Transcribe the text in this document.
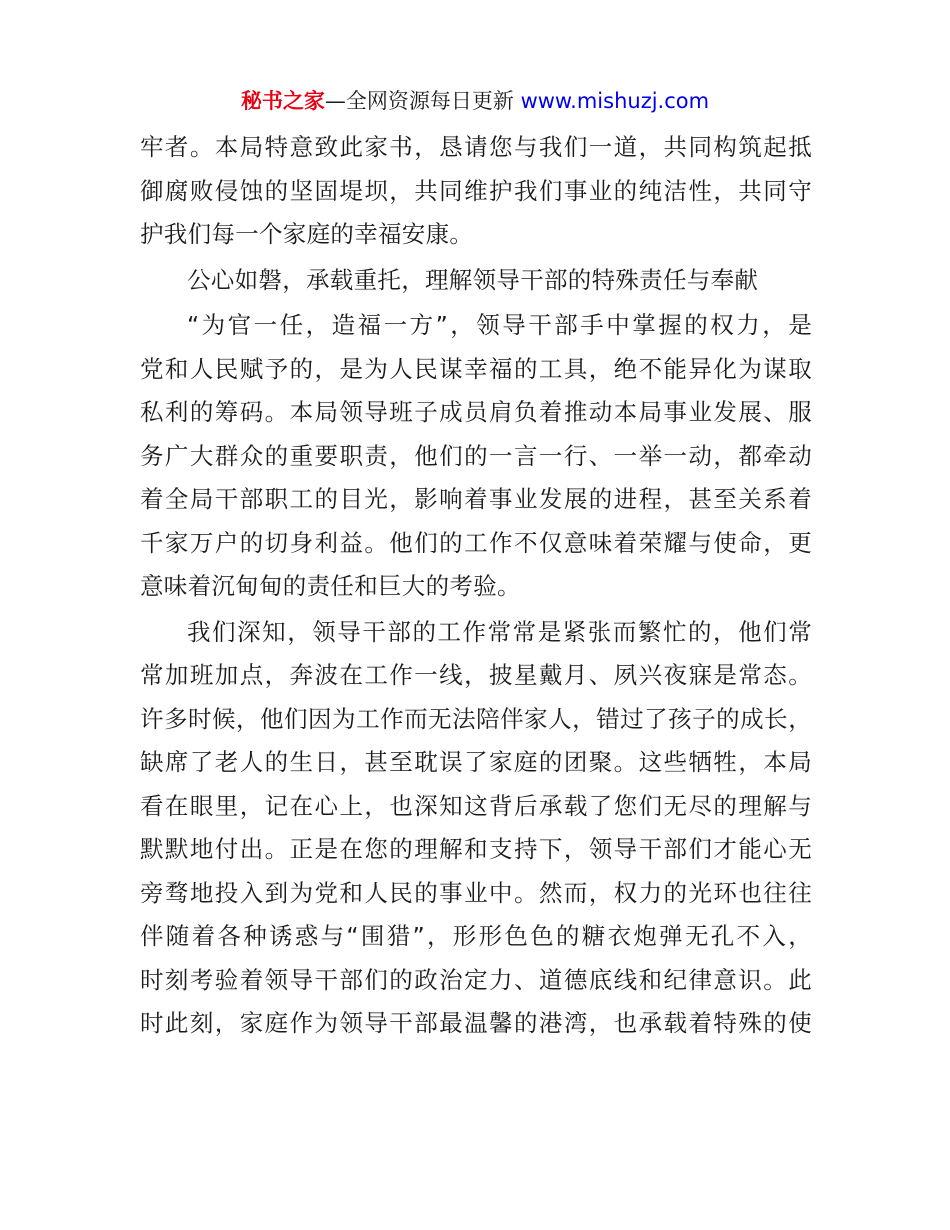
秘书之家—全网资源每日更新 www.mishuzj.com
牢者。本局特意致此家书，恳请您与我们一道，共同构筑起抵
御腐败侵蚀的坚固堤坝，共同维护我们事业的纯洁性，共同守
护我们每一个家庭的幸福安康。
公心如磐，承载重托，理解领导干部的特殊责任与奉献
“为官一任，造福一方”，领导干部手中掌握的权力，是
党和人民赋予的，是为人民谋幸福的工具，绝不能异化为谋取
私利的筹码。本局领导班子成员肩负着推动本局事业发展、服
务广大群众的重要职责，他们的一言一行、一举一动，都牵动
着全局干部职工的目光，影响着事业发展的进程，甚至关系着
千家万户的切身利益。他们的工作不仅意味着荣耀与使命，更
意味着沉甸甸的责任和巨大的考验。
我们深知，领导干部的工作常常是紧张而繁忙的，他们常
常加班加点，奔波在工作一线，披星戴月、夙兴夜寐是常态。
许多时候，他们因为工作而无法陪伴家人，错过了孩子的成长，
缺席了老人的生日，甚至耽误了家庭的团聚。这些牺牲，本局
看在眼里，记在心上，也深知这背后承载了您们无尽的理解与
默默地付出。正是在您的理解和支持下，领导干部们才能心无
旁骛地投入到为党和人民的事业中。然而，权力的光环也往往
伴随着各种诱惑与“围猎”，形形色色的糖衣炮弹无孔不入，
时刻考验着领导干部们的政治定力、道德底线和纪律意识。此
时此刻，家庭作为领导干部最温馨的港湾，也承载着特殊的使
